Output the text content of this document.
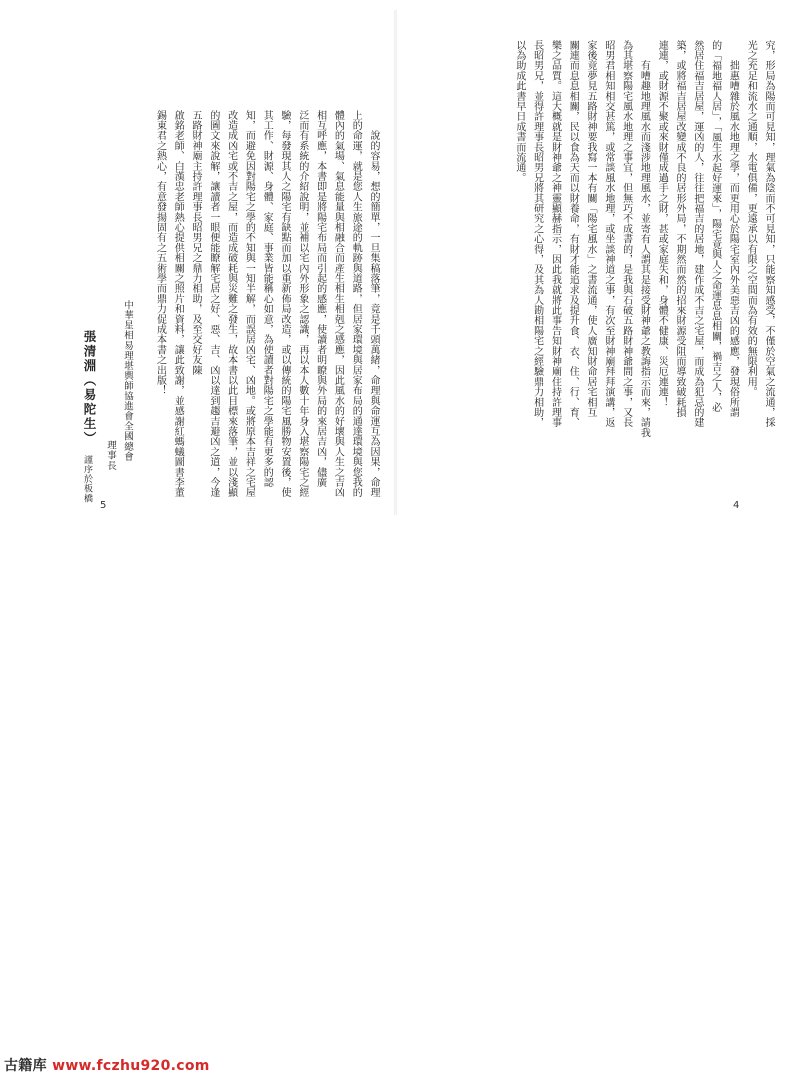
　　說的容易，想的簡單，一旦集稿落筆，竟是千頭萬緒，命理與命運互為因果，命理
上的命運，就是您人生旅途的軌跡與道路，但居家環境與居家布局的通達環境與您我的
體內的氣場、氣息能量與相融合而產生相生相剋之感應，因此風水的好壞與人生之吉凶
相互呼應，本書即是將陽宅布局而引起的感應，使讀者明瞭與外局的來居吉凶，儘廣
泛而有系統的介紹說明，並補以宅內外形象之認識，再以本人數十年身入堪察陽宅之經
驗，每發現其人之陽宅有缺點而加以重新佈局改造，或以傳統的陽宅風勝物安置後，使
其工作、財源、身體、家庭、事業皆能稱心如意，為使讀者對陽宅之學能有更多的認
知，而避免因對陽宅之學的不知與一知半解，而誤居凶宅、凶地。或將原本吉祥之宅屋
改造成凶宅或不吉之屋，而造成破耗與災難之發生，故本書以此目標來落筆，並以淺顯
的圖文來說解，讓讀者一眼便能瞭解宅居之好、惡、吉、凶以達到趨吉避凶之道，今逢
五路財神廟主持許理事長昭男兄之鼎力相助，及至交好友陳
啟銘老師、白漢忠老師熱心提供相關之照片和資料，讓此致謝，並感謝紅螞蟻圖書李董
錫東君之熱心，有意發揚固有之五術學而鼎力促成本書之出版！
中華星相易理堪輿師協進會全國總會
理事長
張清淵（易陀生）
謹序於板橋
5
究，形局為陽而可見知，理氣為陰而不可見知，只能察知感受，不僅於空氣之流通，採
光之充足和流水之通順，水電俱備，更遠承以有限之空間而為有效的無限利用。
　　拙惠嘈雜於風水地理之學，而更用心於陽宅室內外美惡吉凶的感應，發現俗所謂
的「福地福人居」，「風生水起好運來」，陽宅竟與人之命運息息相關，禍吉之人，必
然居住福吉居屋，運凶的人，往往把福吉的居地，建作成不吉之宅屋，而成為犯忌的建
築，或將福吉居屋改變成不良的居形外局，不期然而然的招來財源受阻而導致破耗損
連連，或財源不聚或來財僅成過手之財，甚或家庭失和，身體不健康、災厄連連！
　　有嘈趣地理風水而淺涉地理風水，並寄有人謂其是接受財神爺之教誨指示而來，請我
為其堪察陽宅風水地理之事宜，但無巧不成書的，是我與石破五路財神爺間之事，又長
昭男君相知相交甚篤，或常談風水地理，或坐談神道之事，有次至財神廟拜拜演講，返
家後竟夢見五路財神要我寫一本有關「陽宅風水」之書流通，使人廣知財命居宅相互
關連而息息相關，民以食為天而以財養命，有財才能追求及提升食、衣、住、行、育、
樂之品質。這大概就是財神爺之神靈顯赫指示，因此我就將此事告知財神廟住持許理事
長昭男兄，並得許理事長昭男兄將其研究之心得，及其為人勘相陽宅之經驗鼎力相助，
以為助成此書早日成書而流通。
4
古籍库 www.fczhu920.com
